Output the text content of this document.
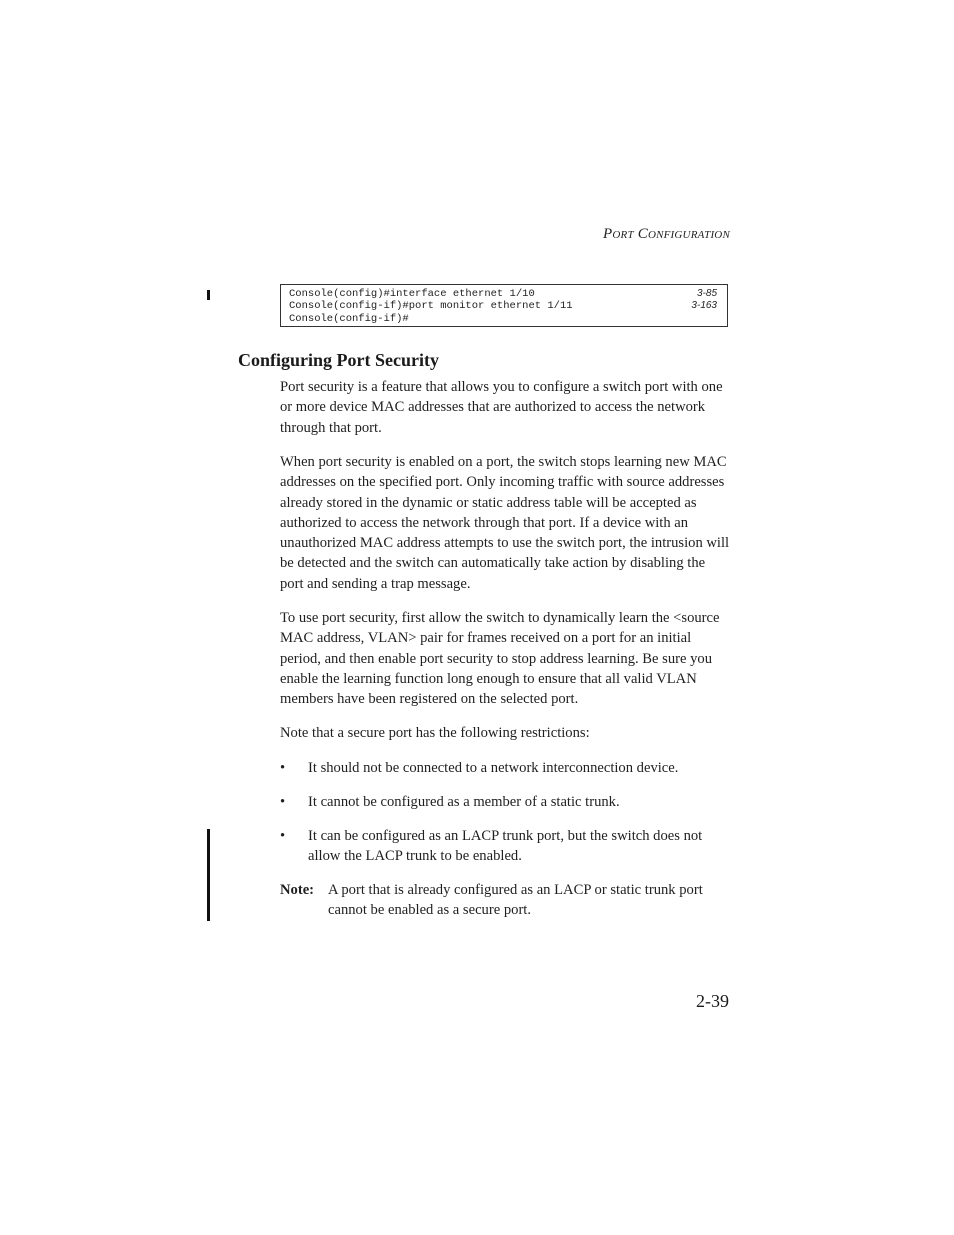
Port Configuration
Console(config)#interface ethernet 1/10	3-85
Console(config-if)#port monitor ethernet 1/11	3-163
Console(config-if)#
Configuring Port Security

Port security is a feature that allows you to configure a switch port with one or more device MAC addresses that are authorized to access the network through that port.

When port security is enabled on a port, the switch stops learning new MAC addresses on the specified port. Only incoming traffic with source addresses already stored in the dynamic or static address table will be accepted as authorized to access the network through that port. If a device with an unauthorized MAC address attempts to use the switch port, the intrusion will be detected and the switch can automatically take action by disabling the port and sending a trap message.

To use port security, first allow the switch to dynamically learn the <source MAC address, VLAN> pair for frames received on a port for an initial period, and then enable port security to stop address learning. Be sure you enable the learning function long enough to ensure that all valid VLAN members have been registered on the selected port.

Note that a secure port has the following restrictions:

• It should not be connected to a network interconnection device.
• It cannot be configured as a member of a static trunk.
• It can be configured as an LACP trunk port, but the switch does not allow the LACP trunk to be enabled.
Note: A port that is already configured as an LACP or static trunk port cannot be enabled as a secure port.
2-39
